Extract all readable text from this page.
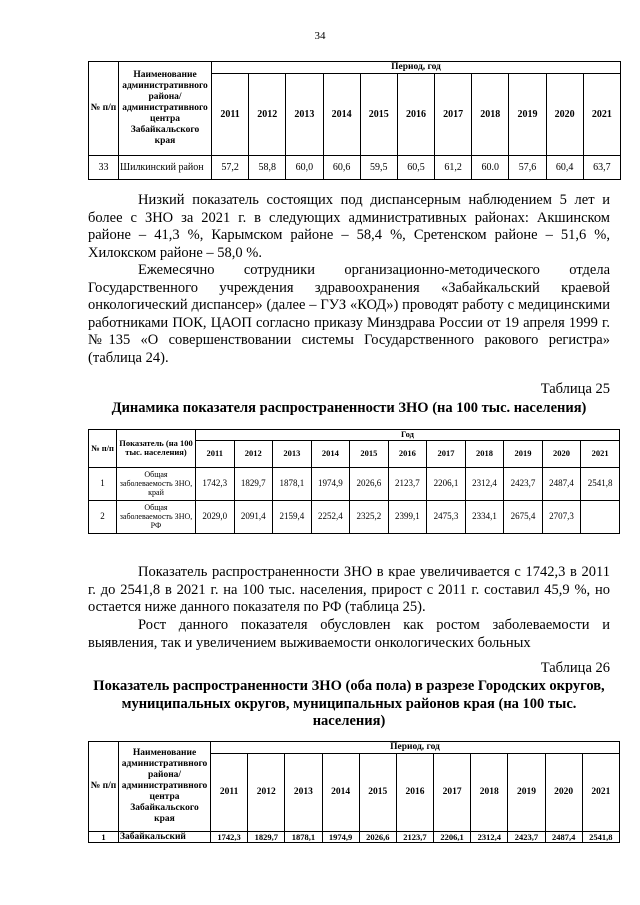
34
№ п/п	Наименование административного района/ административного центра Забайкальского края	Период, год										
		2011	2012	2013	2014	2015	2016	2017	2018	2019	2020	2021
33	Шилкинский район	57,2	58,8	60,0	60,6	59,5	60,5	61,2	60.0	57,6	60,4	63,7

Низкий показатель состоящих под диспансерным наблюдением 5 лет и более с ЗНО за 2021 г. в следующих административных районах: Акшинском районе – 41,3 %, Карымском районе – 58,4 %, Сретенском районе – 51,6 %, Хилокском районе – 58,0 %.

Ежемесячно сотрудники организационно-методического отдела Государственного учреждения здравоохранения «Забайкальский краевой онкологический диспансер» (далее – ГУЗ «КОД») проводят работу с медицинскими работниками ПОК, ЦАОП согласно приказу Минздрава России от 19 апреля 1999 г. №135 «О совершенствовании системы Государственного ракового регистра» (таблица 24).

Таблица 25

Динамика показателя распространенности ЗНО (на 100 тыс. населения)

№ п/п	Показатель (на 100 тыс. населения)	Год										
		2011	2012	2013	2014	2015	2016	2017	2018	2019	2020	2021
1	Общая заболеваемость ЗНО, край	1742,3	1829,7	1878,1	1974,9	2026,6	2123,7	2206,1	2312,4	2423,7	2487,4	2541,8
2	Общая заболеваемость ЗНО, РФ	2029,0	2091,4	2159,4	2252,4	2325,2	2399,1	2475,3	2334,1	2675,4	2707,3	

Показатель распространенности ЗНО в крае увеличивается с 1742,3 в 2011 г. до 2541,8 в 2021 г. на 100 тыс. населения, прирост с 2011 г. составил 45,9 %, но остается ниже данного показателя по РФ (таблица 25).

Рост данного показателя обусловлен как ростом заболеваемости и выявления, так и увеличением выживаемости онкологических больных

Таблица 26

Показатель распространенности ЗНО (оба пола) в разрезе Городских округов, муниципальных округов, муниципальных районов края (на 100 тыс. населения)

№ п/п	Наименование административного района/ административного центра Забайкальского края	Период, год										
		2011	2012	2013	2014	2015	2016	2017	2018	2019	2020	2021
1	Забайкальский	1742,3	1829,7	1878,1	1974,9	2026,6	2123,7	2206,1	2312,4	2423,7	2487,4	2541,8
